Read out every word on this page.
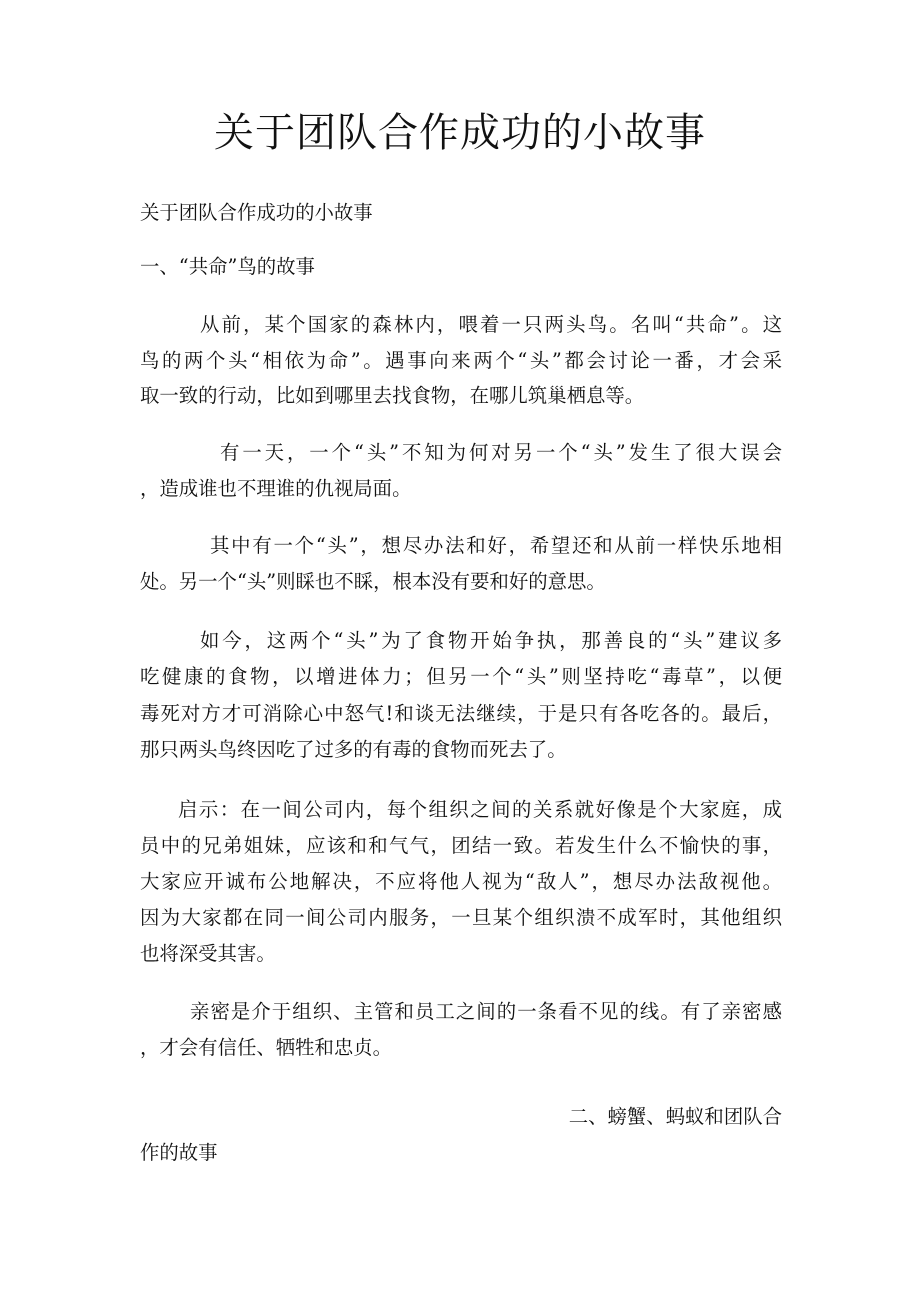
关于团队合作成功的小故事
关于团队合作成功的小故事
一、“共命”鸟的故事
从前，某个国家的森林内，喂着一只两头鸟。名叫“共命”。这
鸟的两个头“相依为命”。遇事向来两个“头”都会讨论一番，才会采
取一致的行动，比如到哪里去找食物，在哪儿筑巢栖息等。
有一天，一个“头”不知为何对另一个“头”发生了很大误会
，造成谁也不理谁的仇视局面。
其中有一个“头”，想尽办法和好，希望还和从前一样快乐地相
处。另一个“头”则睬也不睬，根本没有要和好的意思。
如今，这两个“头”为了食物开始争执，那善良的“头”建议多
吃健康的食物，以增进体力；但另一个“头”则坚持吃“毒草”，以便
毒死对方才可消除心中怒气!和谈无法继续，于是只有各吃各的。最后，
那只两头鸟终因吃了过多的有毒的食物而死去了。
启示：在一间公司内，每个组织之间的关系就好像是个大家庭，成
员中的兄弟姐妹，应该和和气气，团结一致。若发生什么不愉快的事，
大家应开诚布公地解决，不应将他人视为“敌人”，想尽办法敌视他。
因为大家都在同一间公司内服务，一旦某个组织溃不成军时，其他组织
也将深受其害。
亲密是介于组织、主管和员工之间的一条看不见的线。有了亲密感
，才会有信任、牺牲和忠贞。
二、螃蟹、蚂蚁和团队合
作的故事
